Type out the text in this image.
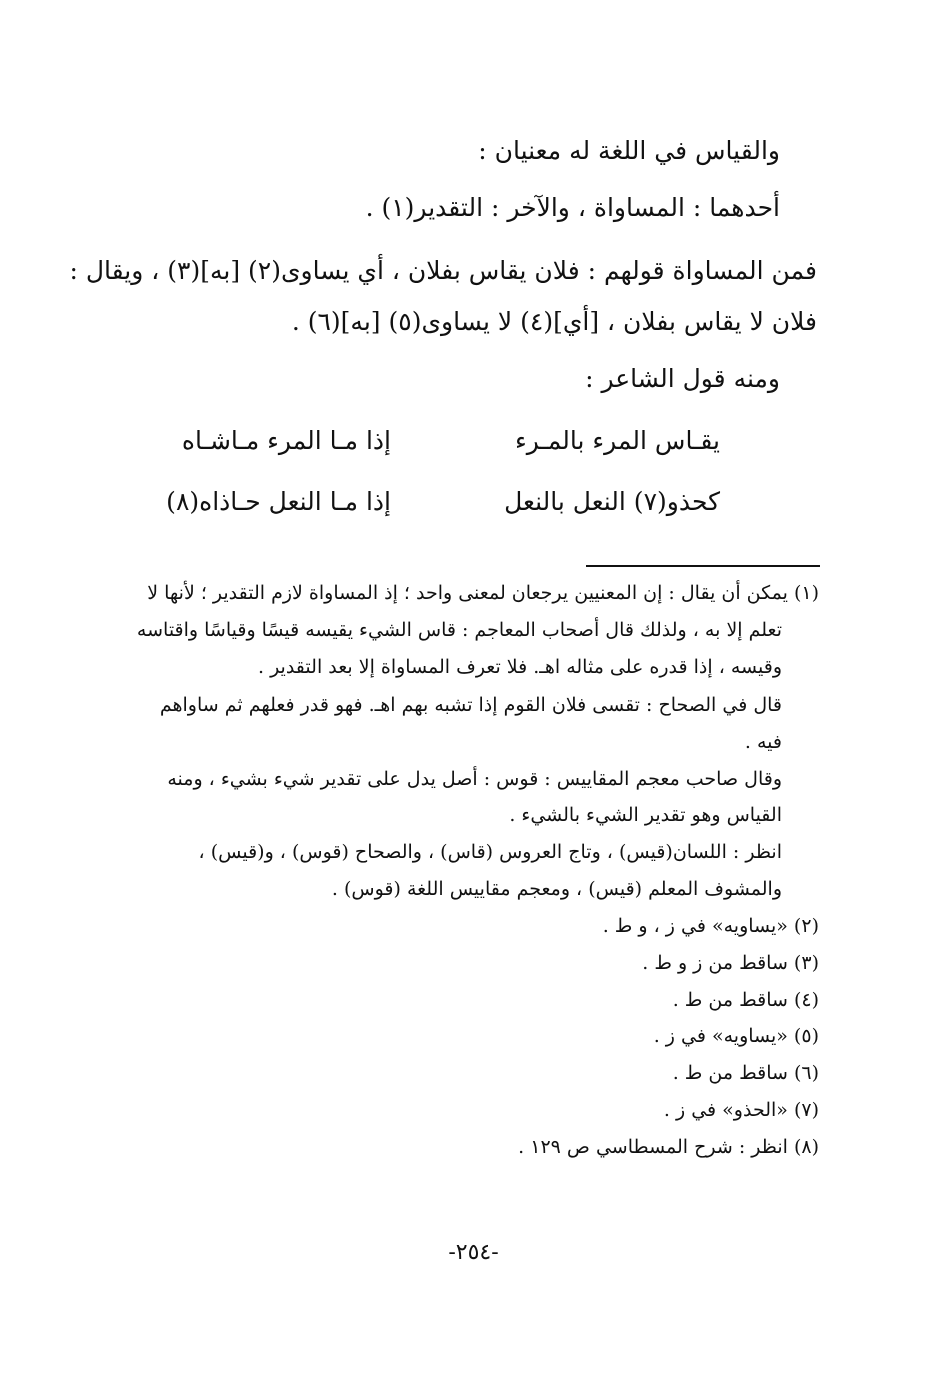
والقياس في اللغة له معنيان :
أحدهما : المساواة ، والآخر : التقدير(١) .
فمن المساواة قولهم : فلان يقاس بفلان ، أي يساوى(٢) [به](٣) ، ويقال :
فلان لا يقاس بفلان ، [أي](٤) لا يساوى(٥) [به](٦) .
ومنه قول الشاعر :
يقـاس المرء بالمـرء
إذا مـا المرء مـاشـاه
كحذو(٧) النعل بالنعل
إذا مـا النعل حـاذاه(٨)
(١) يمكن أن يقال : إن المعنيين يرجعان لمعنى واحد ؛ إذ المساواة لازم التقدير ؛ لأنها لا
تعلم إلا به ، ولذلك قال أصحاب المعاجم : قاس الشيء يقيسه قيسًا وقياسًا واقتاسه
وقيسه ، إذا قدره على مثاله اهـ. فلا تعرف المساواة إلا بعد التقدير .
قال في الصحاح : تقسى فلان القوم إذا تشبه بهم اهـ. فهو قدر فعلهم ثم ساواهم
فيه .
وقال صاحب معجم المقاييس : قوس : أصل يدل على تقدير شيء بشيء ، ومنه
القياس وهو تقدير الشيء بالشيء .
انظر : اللسان(قيس) ، وتاج العروس (قاس) ، والصحاح (قوس) ، و(قيس) ،
والمشوف المعلم (قيس) ، ومعجم مقاييس اللغة (قوس) .
(٢) «يساويه» في ز ، و ط .
(٣) ساقط من ز و ط .
(٤) ساقط من ط .
(٥) «يساويه» في ز .
(٦) ساقط من ط .
(٧) «الحذو» في ز .
(٨) انظر : شرح المسطاسي ص ١٢٩ .
-٢٥٤-
